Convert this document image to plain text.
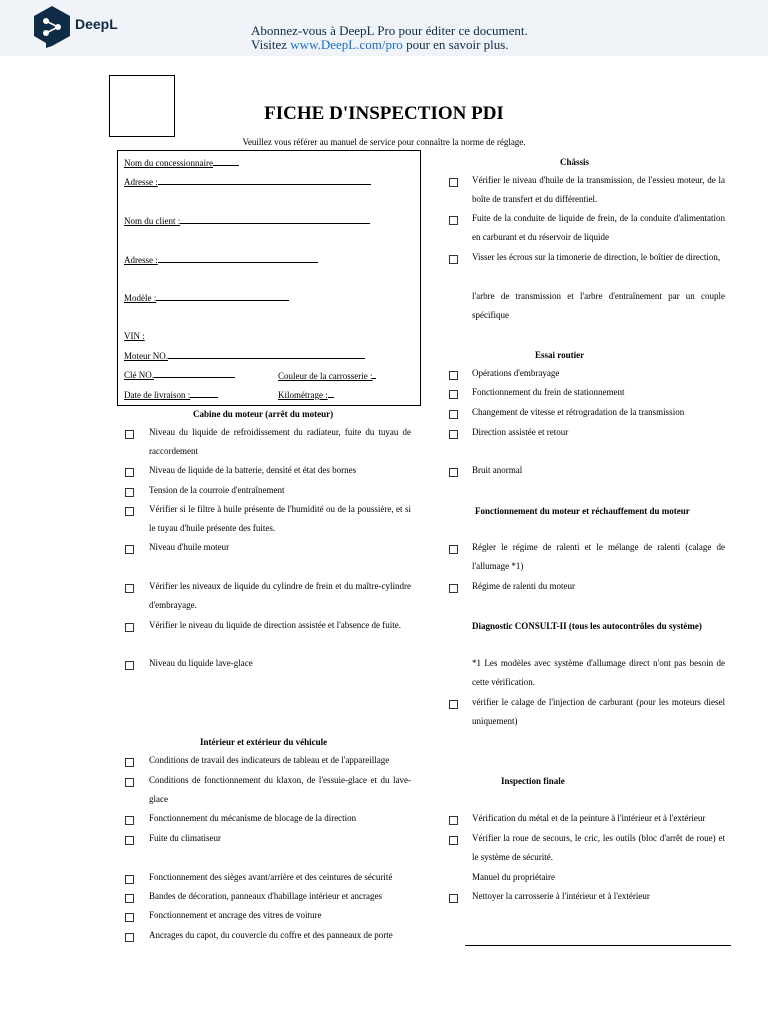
DeepL	Abonnez-vous à DeepL Pro pour éditer ce document.
Visitez www.DeepL.com/pro pour en savoir plus.
FICHE D'INSPECTION PDI
Veuillez vous référer au manuel de service pour connaître la norme de réglage.
Nom du concessionnaire
Adresse :
Nom du client :
Adresse :
Modèle :
VIN :
Moteur NO.
Clé NO.	Couleur de la carrosserie :
Date de livraison :	Kilométrage :
Cabine du moteur (arrêt du moteur)
Niveau du liquide de refroidissement du radiateur, fuite du tuyau de raccordement
Niveau de liquide de la batterie, densité et état des bornes
Tension de la courroie d'entraînement
Vérifier si le filtre à huile présente de l'humidité ou de la poussière, et si le tuyau d'huile présente des fuites.
Niveau d'huile moteur
Vérifier les niveaux de liquide du cylindre de frein et du maître-cylindre d'embrayage.
Vérifier le niveau du liquide de direction assistée et l'absence de fuite.
Niveau du liquide lave-glace
Intérieur et extérieur du véhicule
Conditions de travail des indicateurs de tableau et de l'appareillage
Conditions de fonctionnement du klaxon, de l'essuie-glace et du lave-glace
Fonctionnement du mécanisme de blocage de la direction
Fuite du climatiseur
Fonctionnement des sièges avant/arrière et des ceintures de sécurité
Bandes de décoration, panneaux d'habillage intérieur et ancrages
Fonctionnement et ancrage des vitres de voiture
Ancrages du capot, du couvercle du coffre et des panneaux de porte
Châssis
Vérifier le niveau d'huile de la transmission, de l'essieu moteur, de la boîte de transfert et du différentiel.
Fuite de la conduite de liquide de frein, de la conduite d'alimentation en carburant et du réservoir de liquide
Visser les écrous sur la timonerie de direction, le boîtier de direction,
l'arbre de transmission et l'arbre d'entraînement par un couple spécifique
Essai routier
Opérations d'embrayage
Fonctionnement du frein de stationnement
Changement de vitesse et rétrogradation de la transmission
Direction assistée et retour
Bruit anormal
Fonctionnement du moteur et réchauffement du moteur
Régler le régime de ralenti et le mélange de ralenti (calage de l'allumage *1)
Régime de ralenti du moteur
Diagnostic CONSULT-II (tous les autocontrôles du système)
*1 Les modèles avec système d'allumage direct n'ont pas besoin de cette vérification.
vérifier le calage de l'injection de carburant (pour les moteurs diesel uniquement)
Inspection finale
Vérification du métal et de la peinture à l'intérieur et à l'extérieur
Vérifier la roue de secours, le cric, les outils (bloc d'arrêt de roue) et le système de sécurité.
Manuel du propriétaire
Nettoyer la carrosserie à l'intérieur et à l'extérieur
